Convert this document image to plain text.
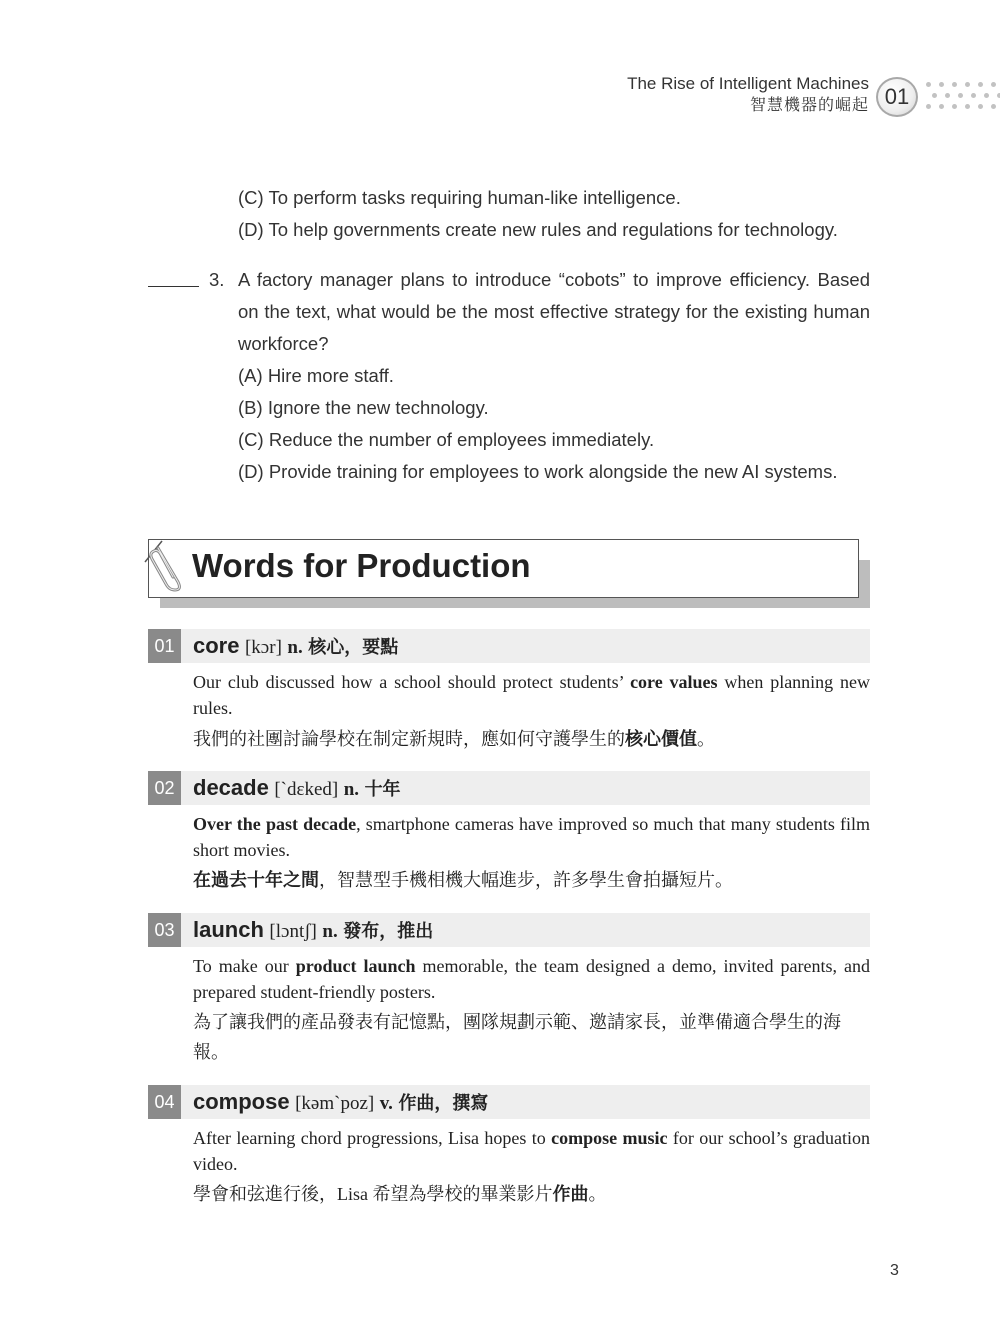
The Rise of Intelligent Machines
智慧機器的崛起 01
(C) To perform tasks requiring human-like intelligence.
(D) To help governments create new rules and regulations for technology.
3. A factory manager plans to introduce “cobots” to improve efficiency. Based on the text, what would be the most effective strategy for the existing human workforce?
(A) Hire more staff.
(B) Ignore the new technology.
(C) Reduce the number of employees immediately.
(D) Provide training for employees to work alongside the new AI systems.
Words for Production
01 core [kɔr] n. 核心，要點
Our club discussed how a school should protect students’ core values when planning new rules.
我們的社團討論學校在制定新規時，應如何守護學生的核心價值。
02 decade [`dɛked] n. 十年
Over the past decade, smartphone cameras have improved so much that many students film short movies.
在過去十年之間，智慧型手機相機大幅進步，許多學生會拍攝短片。
03 launch [lɔntʃ] n. 發布，推出
To make our product launch memorable, the team designed a demo, invited parents, and prepared student-friendly posters.
為了讓我們的產品發表有記憶點，團隊規劃示範、邀請家長，並準備適合學生的海報。
04 compose [kəm`poz] v. 作曲，撰寫
After learning chord progressions, Lisa hopes to compose music for our school’s graduation video.
學會和弦進行後，Lisa 希望為學校的畢業影片作曲。
3
